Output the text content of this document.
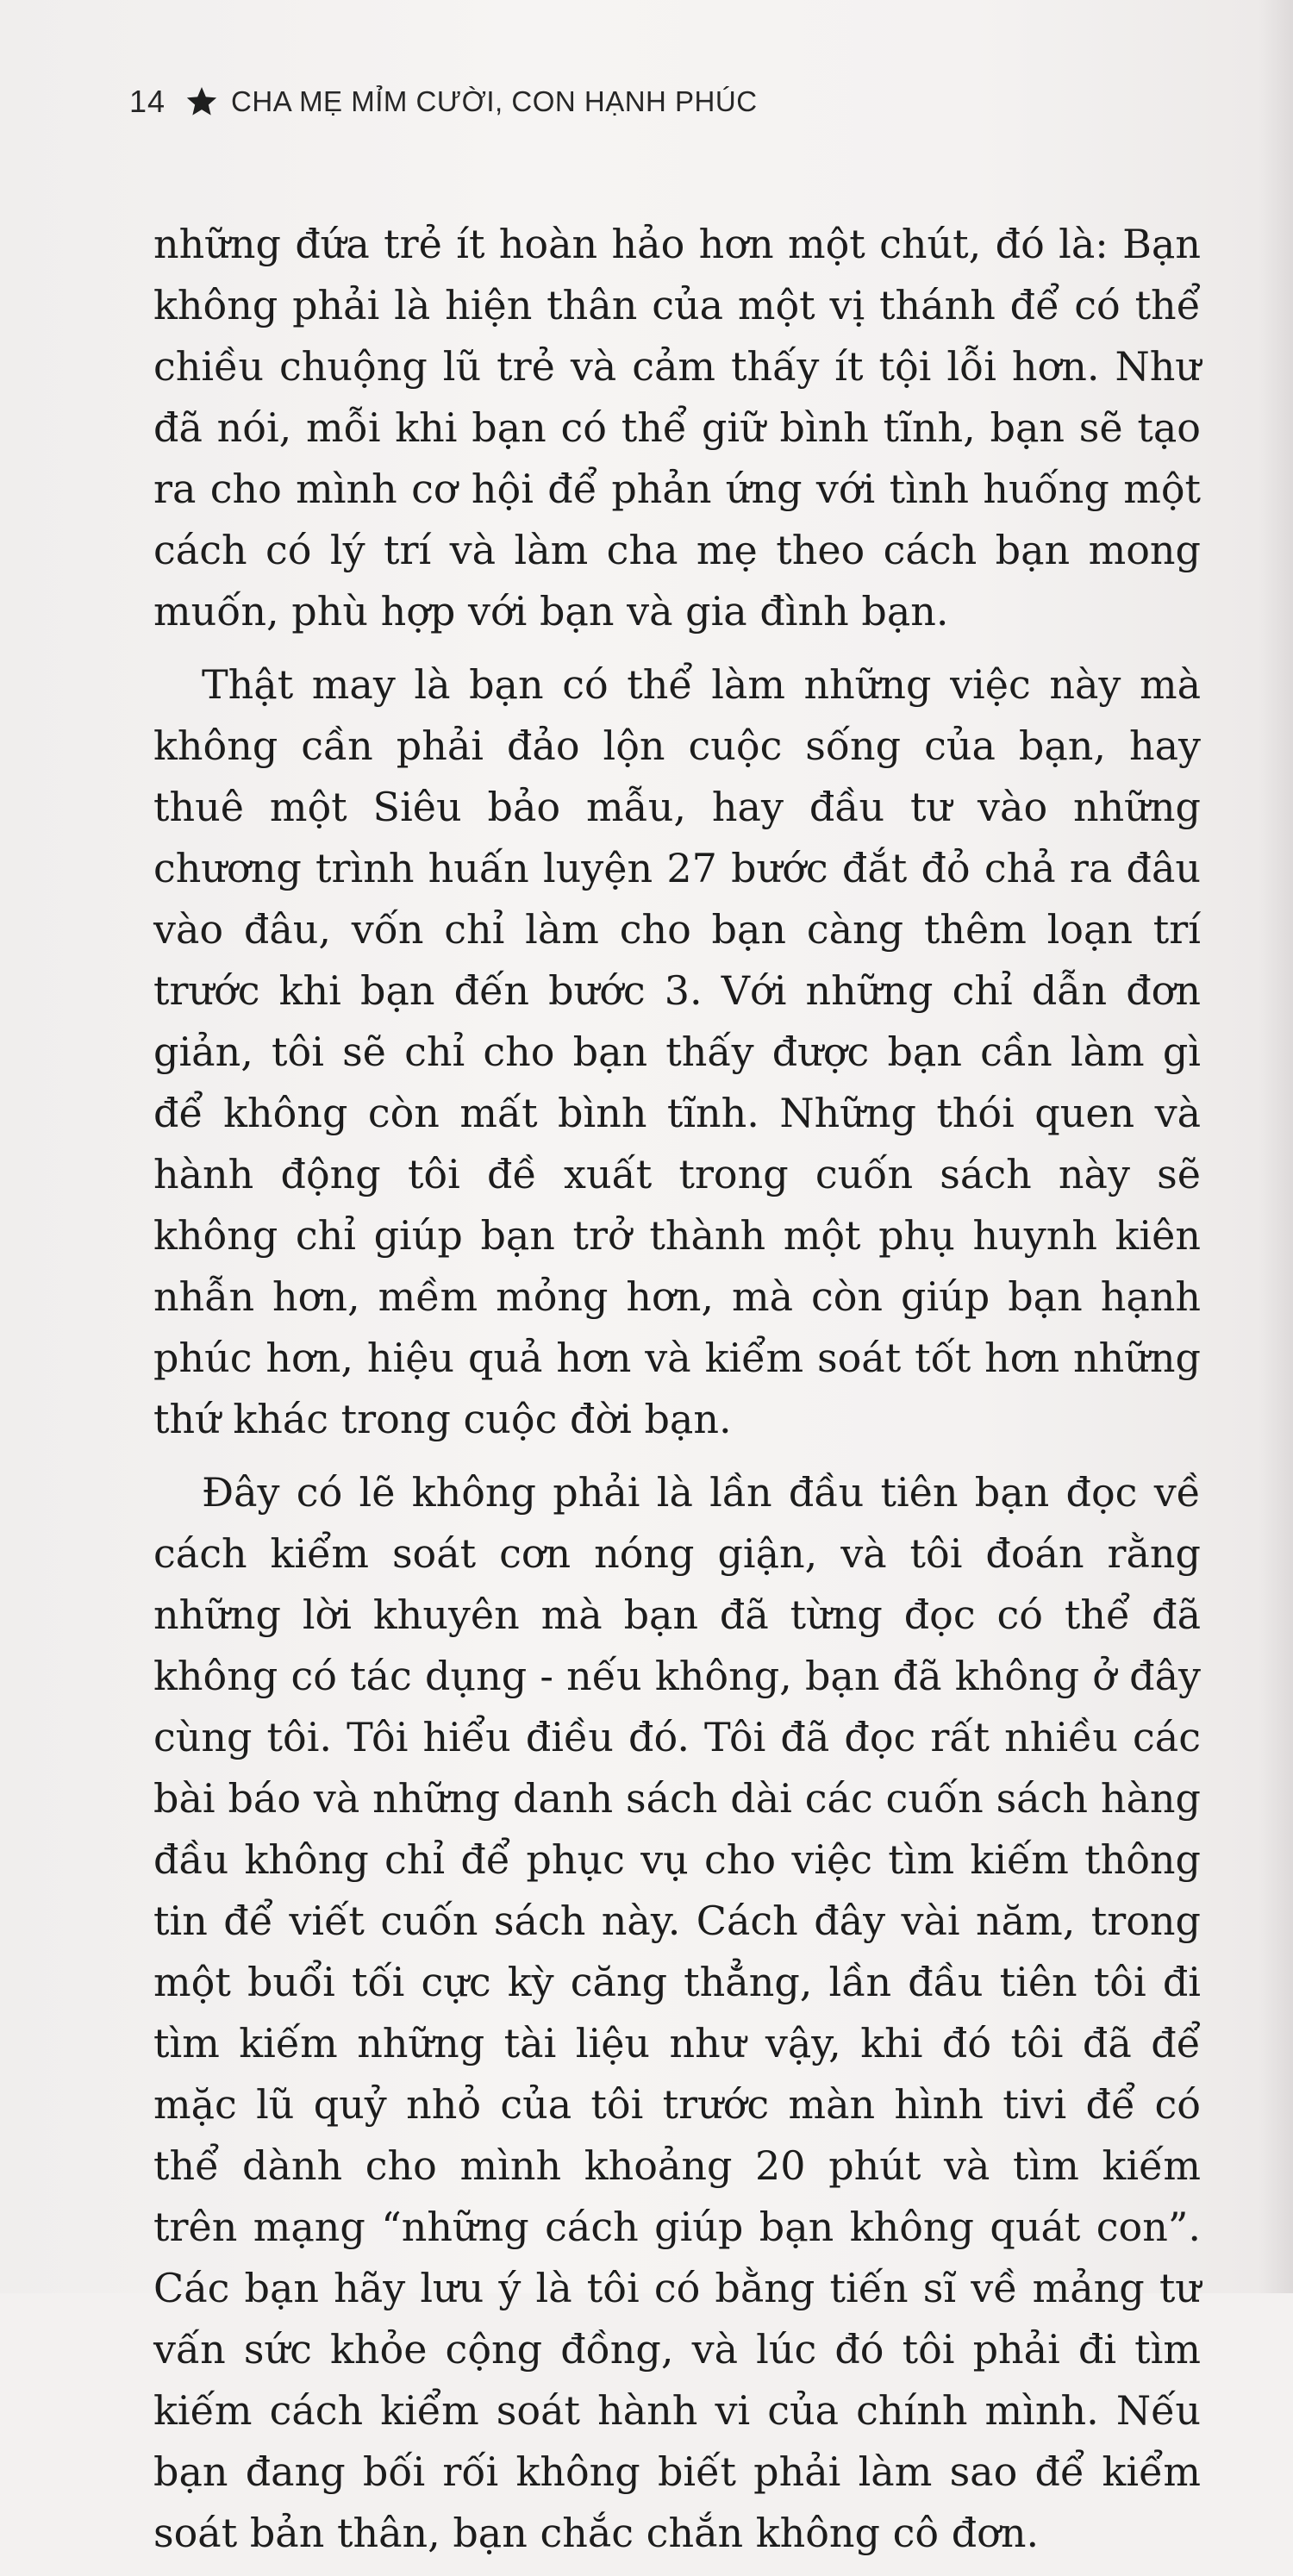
14 CHA MẸ MỈM CƯỜI, CON HẠNH PHÚC

những đứa trẻ ít hoàn hảo hơn một chút, đó là: Bạn không phải là hiện thân của một vị thánh để có thể chiều chuộng lũ trẻ và cảm thấy ít tội lỗi hơn. Như đã nói, mỗi khi bạn có thể giữ bình tĩnh, bạn sẽ tạo ra cho mình cơ hội để phản ứng với tình huống một cách có lý trí và làm cha mẹ theo cách bạn mong muốn, phù hợp với bạn và gia đình bạn.

Thật may là bạn có thể làm những việc này mà không cần phải đảo lộn cuộc sống của bạn, hay thuê một Siêu bảo mẫu, hay đầu tư vào những chương trình huấn luyện 27 bước đắt đỏ chả ra đâu vào đâu, vốn chỉ làm cho bạn càng thêm loạn trí trước khi bạn đến bước 3. Với những chỉ dẫn đơn giản, tôi sẽ chỉ cho bạn thấy được bạn cần làm gì để không còn mất bình tĩnh. Những thói quen và hành động tôi đề xuất trong cuốn sách này sẽ không chỉ giúp bạn trở thành một phụ huynh kiên nhẫn hơn, mềm mỏng hơn, mà còn giúp bạn hạnh phúc hơn, hiệu quả hơn và kiểm soát tốt hơn những thứ khác trong cuộc đời bạn.

Đây có lẽ không phải là lần đầu tiên bạn đọc về cách kiểm soát cơn nóng giận, và tôi đoán rằng những lời khuyên mà bạn đã từng đọc có thể đã không có tác dụng - nếu không, bạn đã không ở đây cùng tôi. Tôi hiểu điều đó. Tôi đã đọc rất nhiều các bài báo và những danh sách dài các cuốn sách hàng đầu không chỉ để phục vụ cho việc tìm kiếm thông tin để viết cuốn sách này. Cách đây vài năm, trong một buổi tối cực kỳ căng thẳng, lần đầu tiên tôi đi tìm kiếm những tài liệu như vậy, khi đó tôi đã để mặc lũ quỷ nhỏ của tôi trước màn hình tivi để có thể dành cho mình khoảng 20 phút và tìm kiếm trên mạng “những cách giúp bạn không quát con”. Các bạn hãy lưu ý là tôi có bằng tiến sĩ về mảng tư vấn sức khỏe cộng đồng, và lúc đó tôi phải đi tìm kiếm cách kiểm soát hành vi của chính mình. Nếu bạn đang bối rối không biết phải làm sao để kiểm soát bản thân, bạn chắc chắn không cô đơn.
